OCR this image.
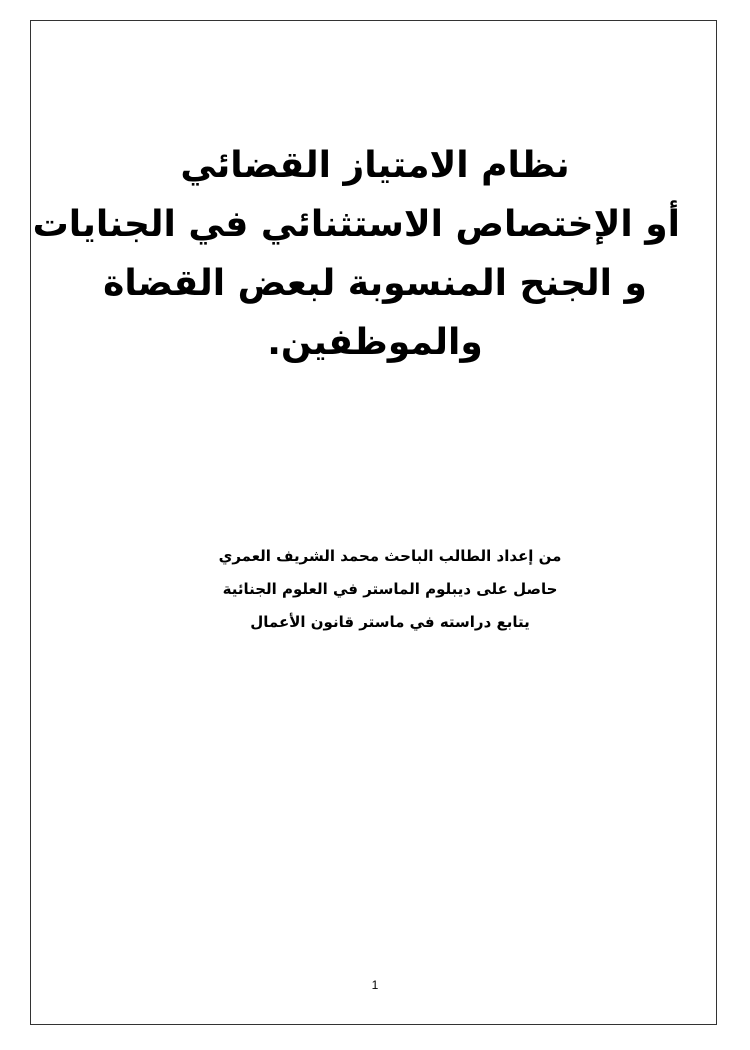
نظام الامتياز القضائي

أو الإختصاص الاستثنائي في الجنايات

و الجنح المنسوبة لبعض القضاة

والموظفين.

من إعداد الطالب الباحث محمد الشريف العمري

حاصل على ديبلوم الماستر في العلوم الجنائية

يتابع دراسته في ماستر قانون الأعمال

1
